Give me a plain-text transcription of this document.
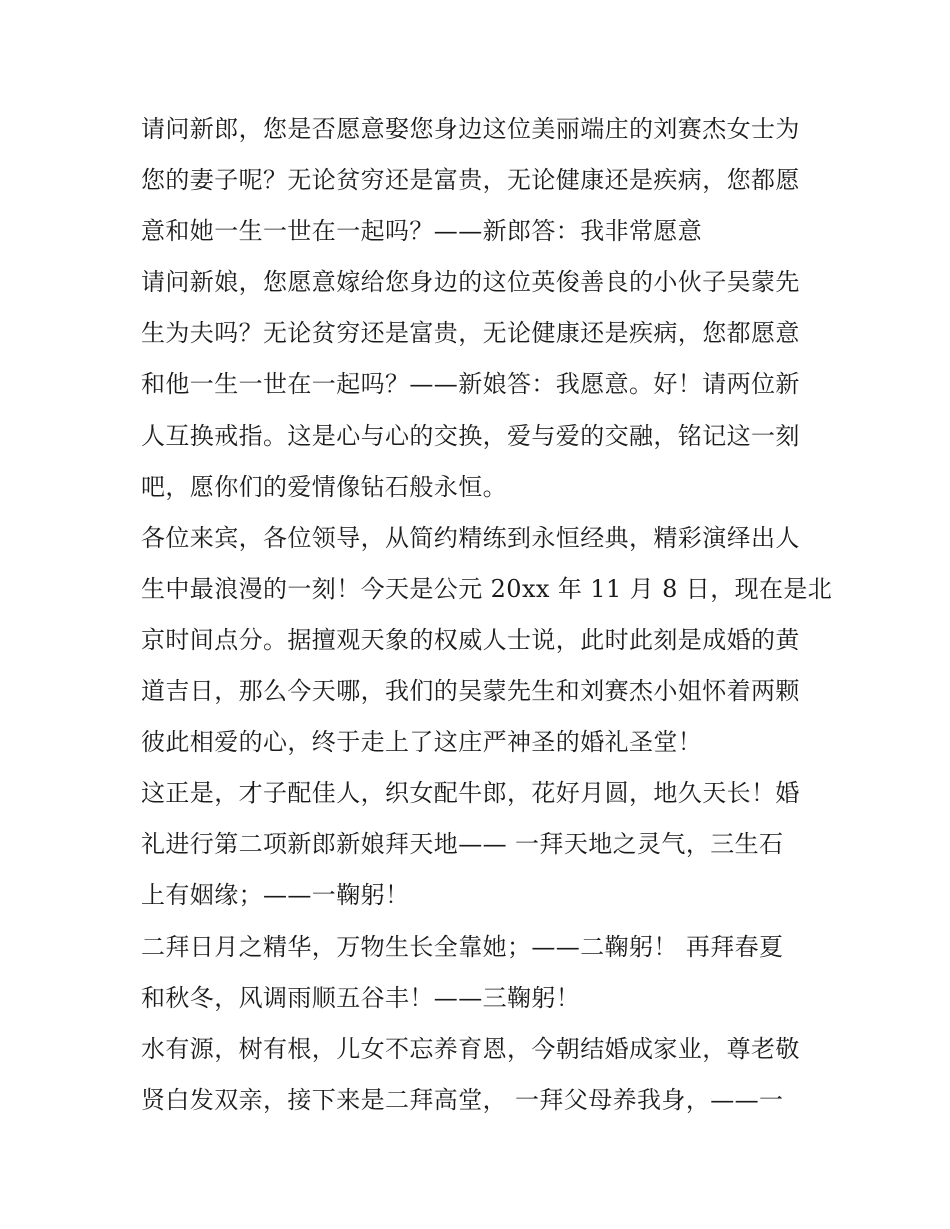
请问新郎，您是否愿意娶您身边这位美丽端庄的刘赛杰女士为
您的妻子呢？无论贫穷还是富贵，无论健康还是疾病，您都愿
意和她一生一世在一起吗？——新郎答：我非常愿意
请问新娘，您愿意嫁给您身边的这位英俊善良的小伙子吴蒙先
生为夫吗？无论贫穷还是富贵，无论健康还是疾病，您都愿意
和他一生一世在一起吗？——新娘答：我愿意。好！请两位新
人互换戒指。这是心与心的交换，爱与爱的交融，铭记这一刻
吧，愿你们的爱情像钻石般永恒。
各位来宾，各位领导，从简约精练到永恒经典，精彩演绎出人
生中最浪漫的一刻！今天是公元 20xx 年 11 月 8 日，现在是北
京时间点分。据擅观天象的权威人士说，此时此刻是成婚的黄
道吉日，那么今天哪，我们的吴蒙先生和刘赛杰小姐怀着两颗
彼此相爱的心，终于走上了这庄严神圣的婚礼圣堂！
这正是，才子配佳人，织女配牛郎，花好月圆，地久天长！婚
礼进行第二项新郎新娘拜天地—— 一拜天地之灵气，三生石
上有姻缘；——一鞠躬！
二拜日月之精华，万物生长全靠她；——二鞠躬！ 再拜春夏
和秋冬，风调雨顺五谷丰！——三鞠躬！
水有源，树有根，儿女不忘养育恩，今朝结婚成家业，尊老敬
贤白发双亲，接下来是二拜高堂， 一拜父母养我身，——一
